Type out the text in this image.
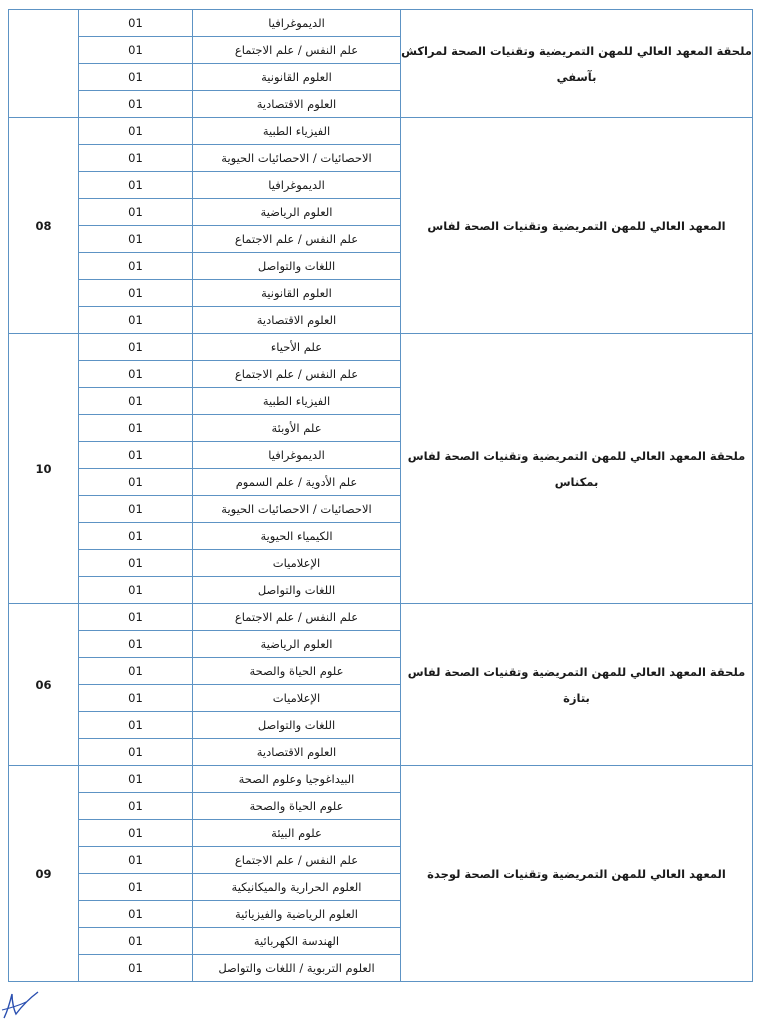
	01	الديموغرافيا	ملحقة المعهد العالي للمهن التمريضية وتقنيات الصحة لمراكش بآسفي
	01	علم النفس / علم الاجتماع	
	01	العلوم القانونية	
	01	العلوم الاقتصادية	
08	01	الفيزياء الطبية	المعهد العالي للمهن التمريضية وتقنيات الصحة لفاس
	01	الاحصائيات / الاحصائيات الحيوية	
	01	الديموغرافيا	
	01	العلوم الرياضية	
	01	علم النفس / علم الاجتماع	
	01	اللغات والتواصل	
	01	العلوم القانونية	
	01	العلوم الاقتصادية	
10	01	علم الأحياء	ملحقة المعهد العالي للمهن التمريضية وتقنيات الصحة لفاس بمكناس
	01	علم النفس / علم الاجتماع	
	01	الفيزياء الطبية	
	01	علم الأوبئة	
	01	الديموغرافيا	
	01	علم الأدوية / علم السموم	
	01	الاحصائيات / الاحصائيات الحيوية	
	01	الكيمياء الحيوية	
	01	الإعلاميات	
	01	اللغات والتواصل	
06	01	علم النفس / علم الاجتماع	ملحقة المعهد العالي للمهن التمريضية وتقنيات الصحة لفاس بتازة
	01	العلوم الرياضية	
	01	علوم الحياة والصحة	
	01	الإعلاميات	
	01	اللغات والتواصل	
	01	العلوم الاقتصادية	
09	01	البيداغوجيا وعلوم الصحة	المعهد العالي للمهن التمريضية وتقنيات الصحة لوجدة
	01	علوم الحياة والصحة	
	01	علوم البيئة	
	01	علم النفس / علم الاجتماع	
	01	العلوم الحرارية والميكانيكية	
	01	العلوم الرياضية والفيزيائية	
	01	الهندسة الكهربائية	
	01	العلوم التربوية / اللغات والتواصل	
